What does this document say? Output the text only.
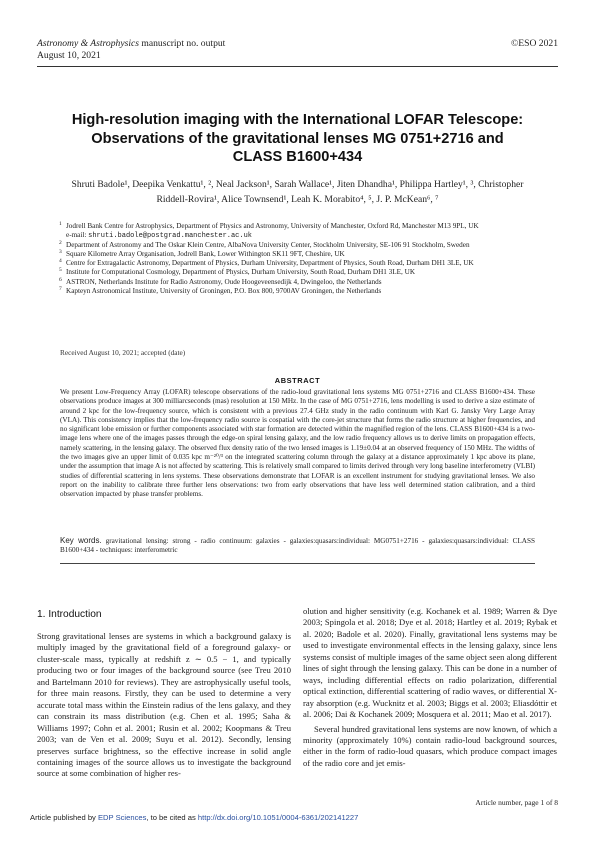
Astronomy & Astrophysics manuscript no. output
August 10, 2021
©ESO 2021
High-resolution imaging with the International LOFAR Telescope:
Observations of the gravitational lenses MG 0751+2716 and
CLASS B1600+434
Shruti Badole¹, Deepika Venkattu¹, ², Neal Jackson¹, Sarah Wallace¹, Jiten Dhandha¹, Philippa Hartley¹, ³, Christopher
Riddell-Rovira¹, Alice Townsend¹, Leah K. Morabito⁴, ⁵, J. P. McKean⁶, ⁷
1 Jodrell Bank Centre for Astrophysics, Department of Physics and Astronomy, University of Manchester, Oxford Rd, Manchester M13 9PL, UK
e-mail: shruti.badole@postgrad.manchester.ac.uk
2 Department of Astronomy and The Oskar Klein Centre, AlbaNova University Center, Stockholm University, SE-106 91 Stockholm, Sweden
3 Square Kilometre Array Organisation, Jodrell Bank, Lower Withington SK11 9FT, Cheshire, UK
4 Centre for Extragalactic Astronomy, Department of Physics, Durham University, Department of Physics, South Road, Durham DH1 3LE, UK
5 Institute for Computational Cosmology, Department of Physics, Durham University, South Road, Durham DH1 3LE, UK
6 ASTRON, Netherlands Institute for Radio Astronomy, Oude Hoogeveensedijk 4, Dwingeloo, the Netherlands
7 Kapteyn Astronomical Institute, University of Groningen, P.O. Box 800, 9700AV Groningen, the Netherlands
Received August 10, 2021; accepted (date)
ABSTRACT
We present Low-Frequency Array (LOFAR) telescope observations of the radio-loud gravitational lens systems MG 0751+2716 and CLASS B1600+434. These observations produce images at 300 milliarcseconds (mas) resolution at 150 MHz. In the case of MG 0751+2716, lens modelling is used to derive a size estimate of around 2 kpc for the low-frequency source, which is consistent with a previous 27.4 GHz study in the radio continuum with Karl G. Jansky Very Large Array (VLA). This consistency implies that the low-frequency radio source is cospatial with the core-jet structure that forms the radio structure at higher frequencies, and no significant lobe emission or further components associated with star formation are detected within the magnified region of the lens. CLASS B1600+434 is a two-image lens where one of the images passes through the edge-on spiral lensing galaxy, and the low radio frequency allows us to derive limits on propagation effects, namely scattering, in the lensing galaxy. The observed flux density ratio of the two lensed images is 1.19±0.04 at an observed frequency of 150 MHz. The widths of the two images give an upper limit of 0.035 kpc m⁻²⁰/³ on the integrated scattering column through the galaxy at a distance approximately 1 kpc above its plane, under the assumption that image A is not affected by scattering. This is relatively small compared to limits derived through very long baseline interferometry (VLBI) studies of differential scattering in lens systems. These observations demonstrate that LOFAR is an excellent instrument for studying gravitational lenses. We also report on the inability to calibrate three further lens observations: two from early observations that have less well determined station calibration, and a third observation impacted by phase transfer problems.
Key words. gravitational lensing: strong - radio continuum: galaxies - galaxies:quasars:individual: MG0751+2716 - galaxies:quasars:individual: CLASS B1600+434 - techniques: interferometric
1. Introduction

Strong gravitational lenses are systems in which a background galaxy is multiply imaged by the gravitational field of a foreground galaxy- or cluster-scale mass, typically at redshift z ∼ 0.5 − 1, and typically producing two or four images of the background source (see Treu 2010 and Bartelmann 2010 for reviews). They are astrophysically useful tools, for three main reasons. Firstly, they can be used to determine a very accurate total mass within the Einstein radius of the lens galaxy, and they can constrain its mass distribution (e.g. Chen et al. 1995; Saha & Williams 1997; Cohn et al. 2001; Rusin et al. 2002; Koopmans & Treu 2003; van de Ven et al. 2009; Suyu et al. 2012). Secondly, lensing preserves surface brightness, so the effective increase in solid angle containing images of the source allows us to investigate the background source at some combination of higher res-

olution and higher sensitivity (e.g. Kochanek et al. 1989; Warren & Dye 2003; Spingola et al. 2018; Dye et al. 2018; Hartley et al. 2019; Rybak et al. 2020; Badole et al. 2020). Finally, gravitational lens systems may be used to investigate environmental effects in the lensing galaxy, since lens systems consist of multiple images of the same object seen along different lines of sight through the lensing galaxy. This can be done in a number of ways, including differential effects on radio polarization, differential optical extinction, differential scattering of radio waves, or differential X-ray absorption (e.g. Wucknitz et al. 2003; Biggs et al. 2003; Eliasdóttir et al. 2006; Dai & Kochanek 2009; Mosquera et al. 2011; Mao et al. 2017).

Several hundred gravitational lens systems are now known, of which a minority (approximately 10%) contain radio-loud background sources, either in the form of radio-loud quasars, which produce compact images of the radio core and jet emis-

Article number, page 1 of 8
Article published by EDP Sciences, to be cited as http://dx.doi.org/10.1051/0004-6361/202141227
